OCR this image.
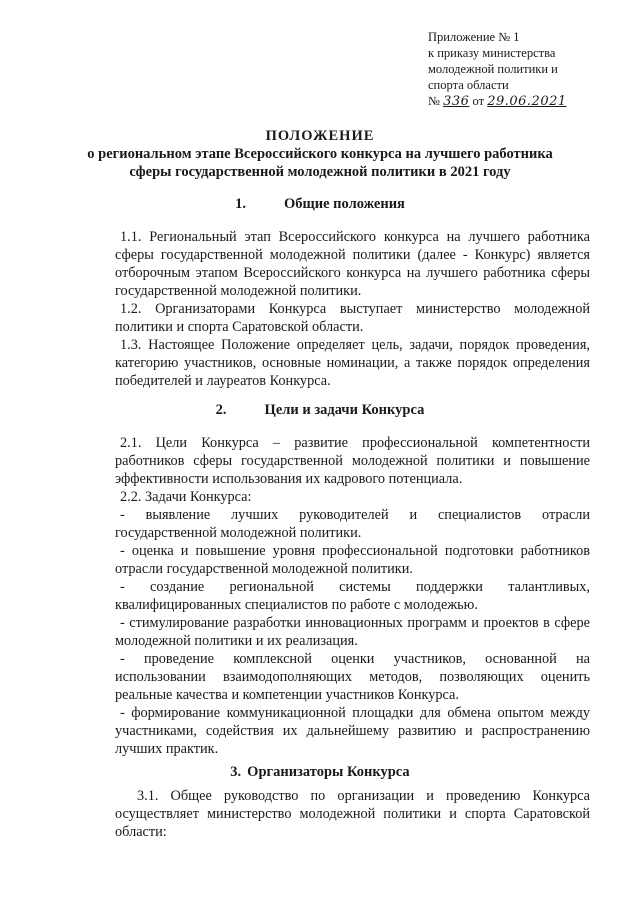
Приложение № 1
к приказу министерства
молодежной политики и
спорта области
№ 336 от 29.06.2021
ПОЛОЖЕНИЕ
о региональном этапе Всероссийского конкурса на лучшего работника
сферы государственной молодежной политики в 2021 году
1.	Общие положения

1.1. Региональный этап Всероссийского конкурса на лучшего работника сферы государственной молодежной политики (далее - Конкурс) является отборочным этапом Всероссийского конкурса на лучшего работника сферы государственной молодежной политики.

1.2. Организаторами Конкурса выступает министерство молодежной политики и спорта Саратовской области.

1.3. Настоящее Положение определяет цель, задачи, порядок проведения, категорию участников, основные номинации, а также порядок определения победителей и лауреатов Конкурса.

2.	Цели и задачи Конкурса

2.1. Цели Конкурса – развитие профессиональной компетентности работников сферы государственной молодежной политики и повышение эффективности использования их кадрового потенциала.

2.2. Задачи Конкурса:

- выявление лучших руководителей и специалистов отрасли государственной молодежной политики.

- оценка и повышение уровня профессиональной подготовки работников отрасли государственной молодежной политики.

- создание региональной системы поддержки талантливых, квалифицированных специалистов по работе с молодежью.

- стимулирование разработки инновационных программ и проектов в сфере молодежной политики и их реализация.

- проведение комплексной оценки участников, основанной на использовании взаимодополняющих методов, позволяющих оценить реальные качества и компетенции участников Конкурса.

- формирование коммуникационной площадки для обмена опытом между участниками, содействия их дальнейшему развитию и распространению лучших практик.

3. Организаторы Конкурса

3.1. Общее руководство по организации и проведению Конкурса осуществляет министерство молодежной политики и спорта Саратовской области:
